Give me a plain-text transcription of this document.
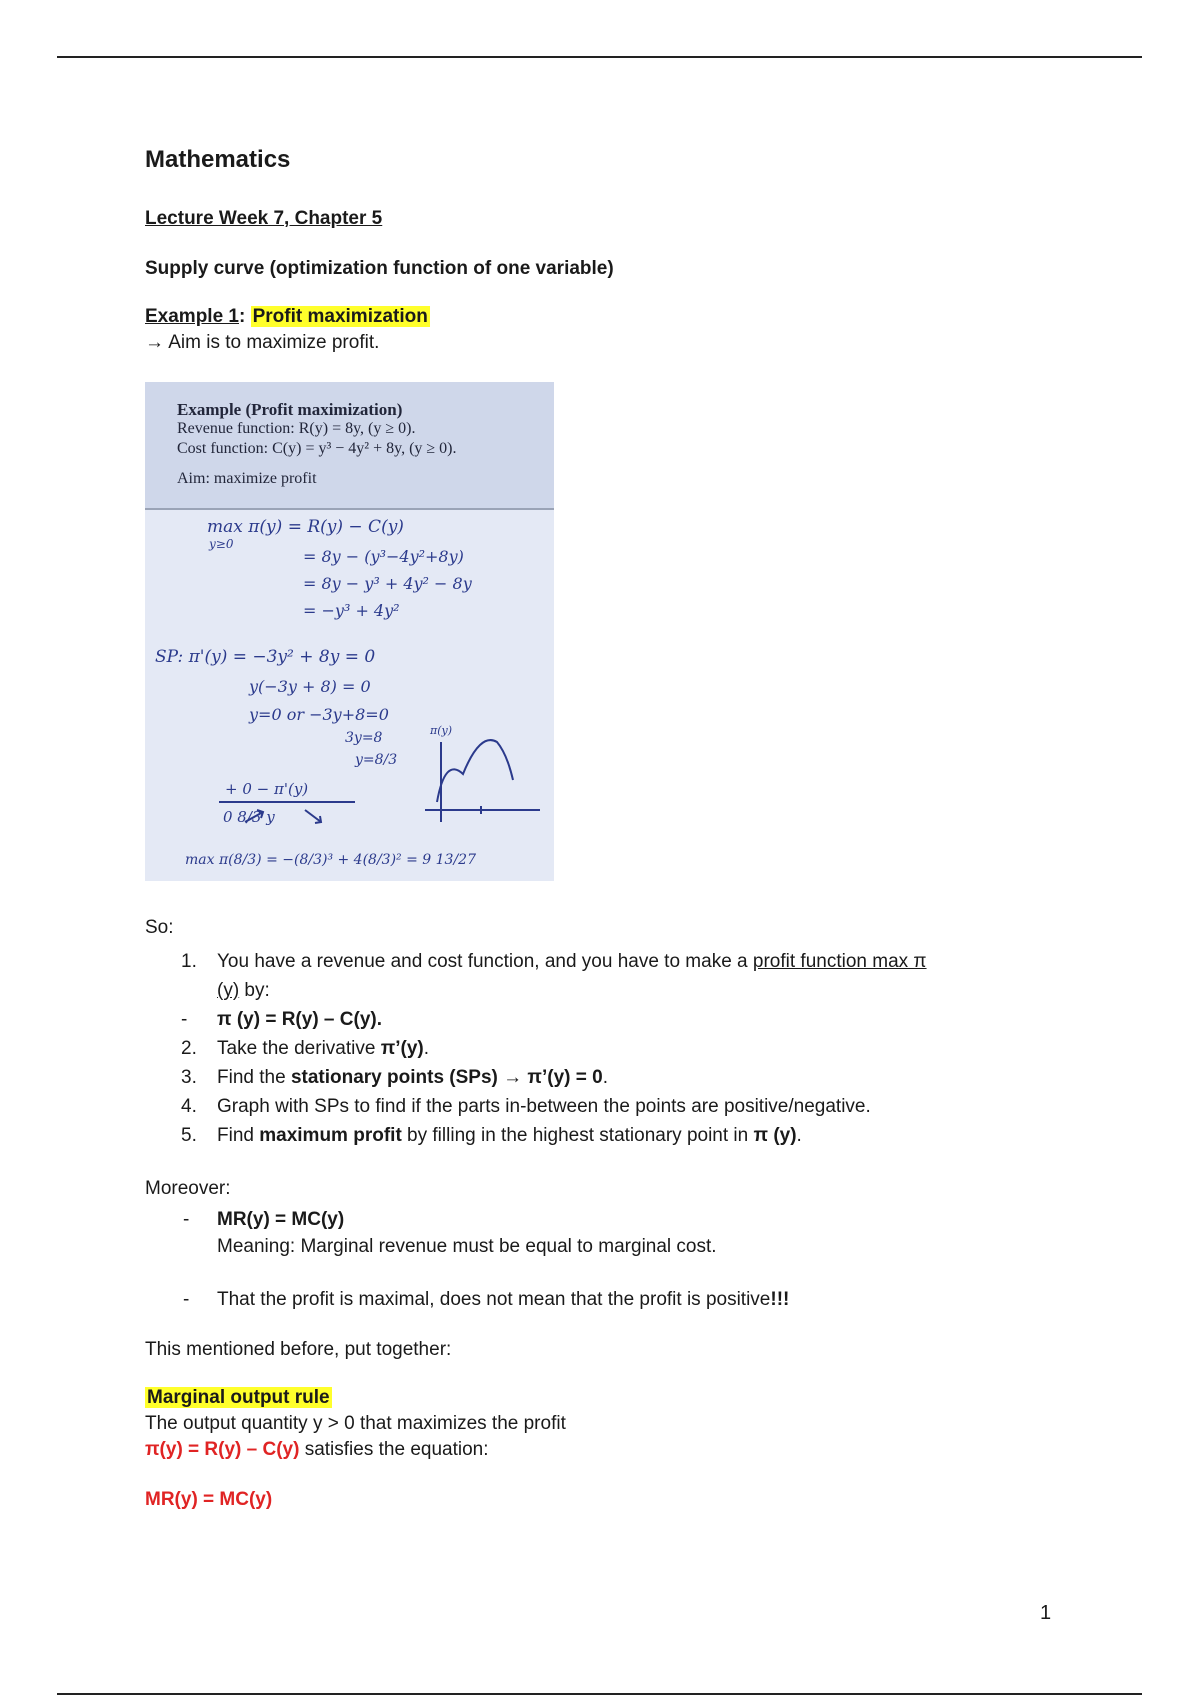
Mathematics
Lecture Week 7, Chapter 5
Supply curve (optimization function of one variable)
Example 1: Profit maximization
→ Aim is to maximize profit.
Example (Profit maximization)
Revenue function: R(y) = 8y, (y ≥ 0).
Cost function: C(y) = y³ − 4y² + 8y, (y ≥ 0).
Aim: maximize profit
max π(y) = R(y) − C(y)
y≥0
= 8y − (y³−4y²+8y)
= 8y − y³ + 4y² − 8y
= −y³ + 4y²
SP: π'(y) = −3y² + 8y = 0
y(−3y + 8) = 0
y=0 or −3y+8=0
3y=8
y=8/3
+ 0 − π'(y)
0 8/3 y
π(y)
max π(8/3) = −(8/3)³ + 4(8/3)² = 9 13/27
So:
1. You have a revenue and cost function, and you have to make a profit function max π
(y) by:
- π (y) = R(y) – C(y).
2. Take the derivative π’(y).
3. Find the stationary points (SPs) → π’(y) = 0.
4. Graph with SPs to find if the parts in-between the points are positive/negative.
5. Find maximum profit by filling in the highest stationary point in π (y).
Moreover:
- MR(y) = MC(y)
Meaning: Marginal revenue must be equal to marginal cost.
- That the profit is maximal, does not mean that the profit is positive!!!
This mentioned before, put together:
Marginal output rule
The output quantity y > 0 that maximizes the profit
π(y) = R(y) – C(y) satisfies the equation:
MR(y) = MC(y)
1
